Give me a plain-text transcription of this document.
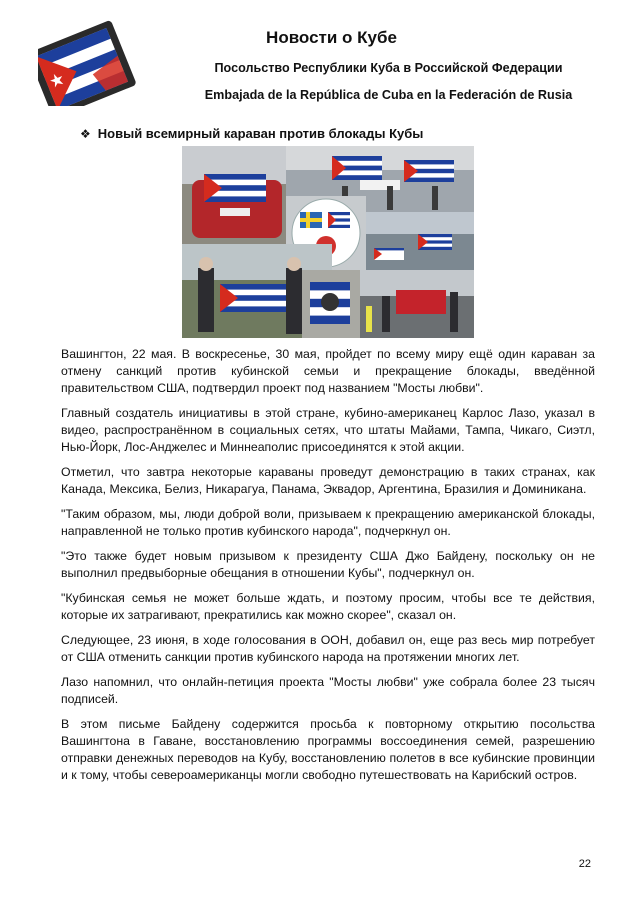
Новости о Кубе
Посольство Республики Куба в Российской Федерации
Embajada de la República de Cuba en la Federación de Rusia
❖ Новый всемирный караван против блокады Кубы

Вашингтон, 22 мая. В воскресенье, 30 мая, пройдет по всему миру ещё один караван за отмену санкций против кубинской семьи и прекращение блокады, введённой правительством США, подтвердил проект под названием "Мосты любви".

Главный создатель инициативы в этой стране, кубино-американец Карлос Лазо, указал в видео, распространённом в социальных сетях, что штаты Майами, Тампа, Чикаго, Сиэтл, Нью-Йорк, Лос-Анджелес и Миннеаполис присоединятся к этой акции.

Отметил, что завтра некоторые караваны проведут демонстрацию в таких странах, как Канада, Мексика, Белиз, Никарагуа, Панама, Эквадор, Аргентина, Бразилия и Доминикана.

"Таким образом, мы, люди доброй воли, призываем к прекращению американской блокады, направленной не только против кубинского народа", подчеркнул он.

"Это также будет новым призывом к президенту США Джо Байдену, поскольку он не выполнил предвыборные обещания в отношении Кубы", подчеркнул он.

"Кубинская семья не может больше ждать, и поэтому просим, чтобы все те действия, которые их затрагивают, прекратились как можно скорее", сказал он.

Следующее, 23 июня, в ходе голосования в ООН, добавил он, еще раз весь мир потребует от США отменить санкции против кубинского народа на протяжении многих лет.

Лазо напомнил, что онлайн-петиция проекта "Мосты любви" уже собрала более 23 тысяч подписей.

В этом письме Байдену содержится просьба к повторному открытию посольства Вашингтона в Гаване, восстановлению программы воссоединения семей, разрешению отправки денежных переводов на Кубу, восстановлению полетов в все кубинские провинции и к тому, чтобы североамериканцы могли свободно путешествовать на Карибский остров.

22
